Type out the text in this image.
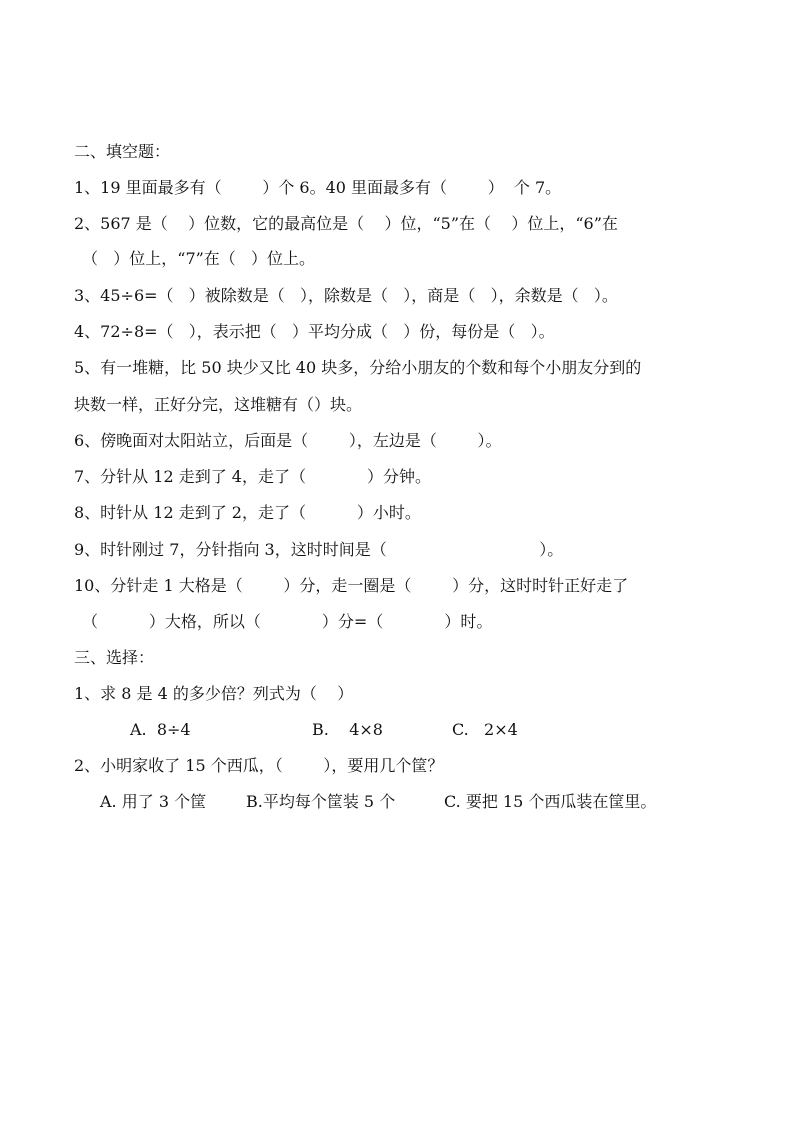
二、填空题：
1、19 里面最多有（        ）个 6。40 里面最多有（        ）  个 7。
2、567 是（    ）位数，它的最高位是（    ）位，“5”在（    ）位上，“6”在
（   ）位上，“7”在（   ）位上。
3、45÷6=（   ）被除数是（   ），除数是（   ），商是（   ），余数是（   ）。
4、72÷8=（   ），表示把（   ）平均分成（   ）份，每份是（   ）。
5、有一堆糖，比 50 块少又比 40 块多，分给小朋友的个数和每个小朋友分到的
块数一样，正好分完，这堆糖有（）块。
6、傍晚面对太阳站立，后面是（        ），左边是（        ）。
7、分针从 12 走到了 4，走了（            ）分钟。
8、时针从 12 走到了 2，走了（          ）小时。
9、时针刚过 7，分针指向 3，这时时间是（                              ）。
10、分针走 1 大格是（        ）分，走一圈是（        ）分，这时时针正好走了
（          ）大格，所以（            ）分=（            ）时。
三、选择：
1、求 8 是 4 的多少倍？列式为（    ）
A.  8÷4	B.    4×8	C.   2×4
2、小明家收了 15 个西瓜，（        ），要用几个筐？
A. 用了 3 个筐 B.平均每个筐装 5 个	C. 要把 15 个西瓜装在筐里。
